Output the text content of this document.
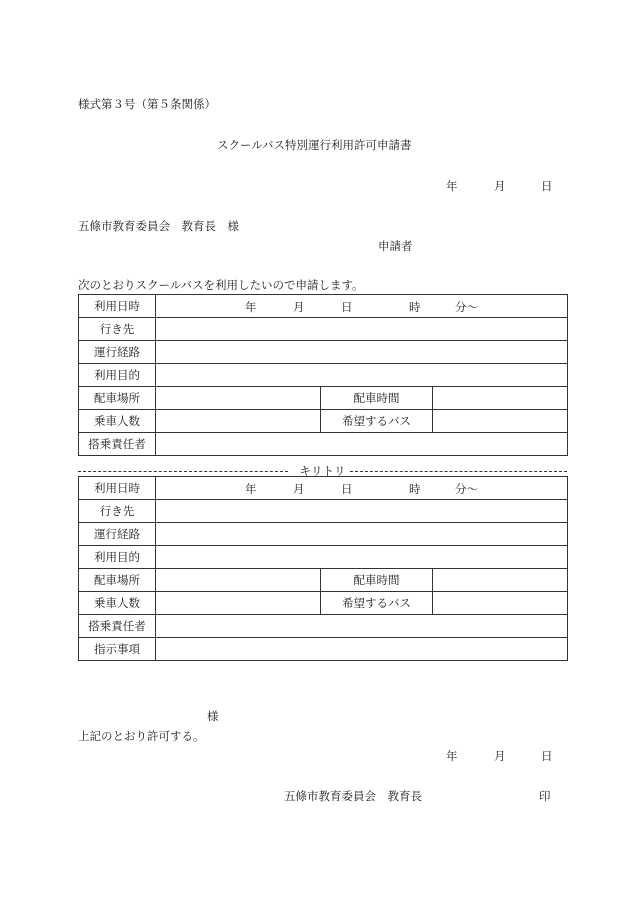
様式第３号（第５条関係）
スクールバス特別運行利用許可申請書
年	月	日
五條市教育委員会　教育長　様
申請者
次のとおりスクールバスを利用したいので申請します。
利用日時	年 月 日 時 分～		

行き先			
運行経路			
利用目的			
配車場所		配車時間	
乗車人数		希望するバス	
搭乗責任者			
キリトリ
利用日時	年 月 日 時 分～		

行き先			
運行経路			
利用目的			
配車場所		配車時間	
乗車人数		希望するバス	
搭乗責任者			
指示事項			
様
上記のとおり許可する。
年	月	日
五條市教育委員会　教育長	印
